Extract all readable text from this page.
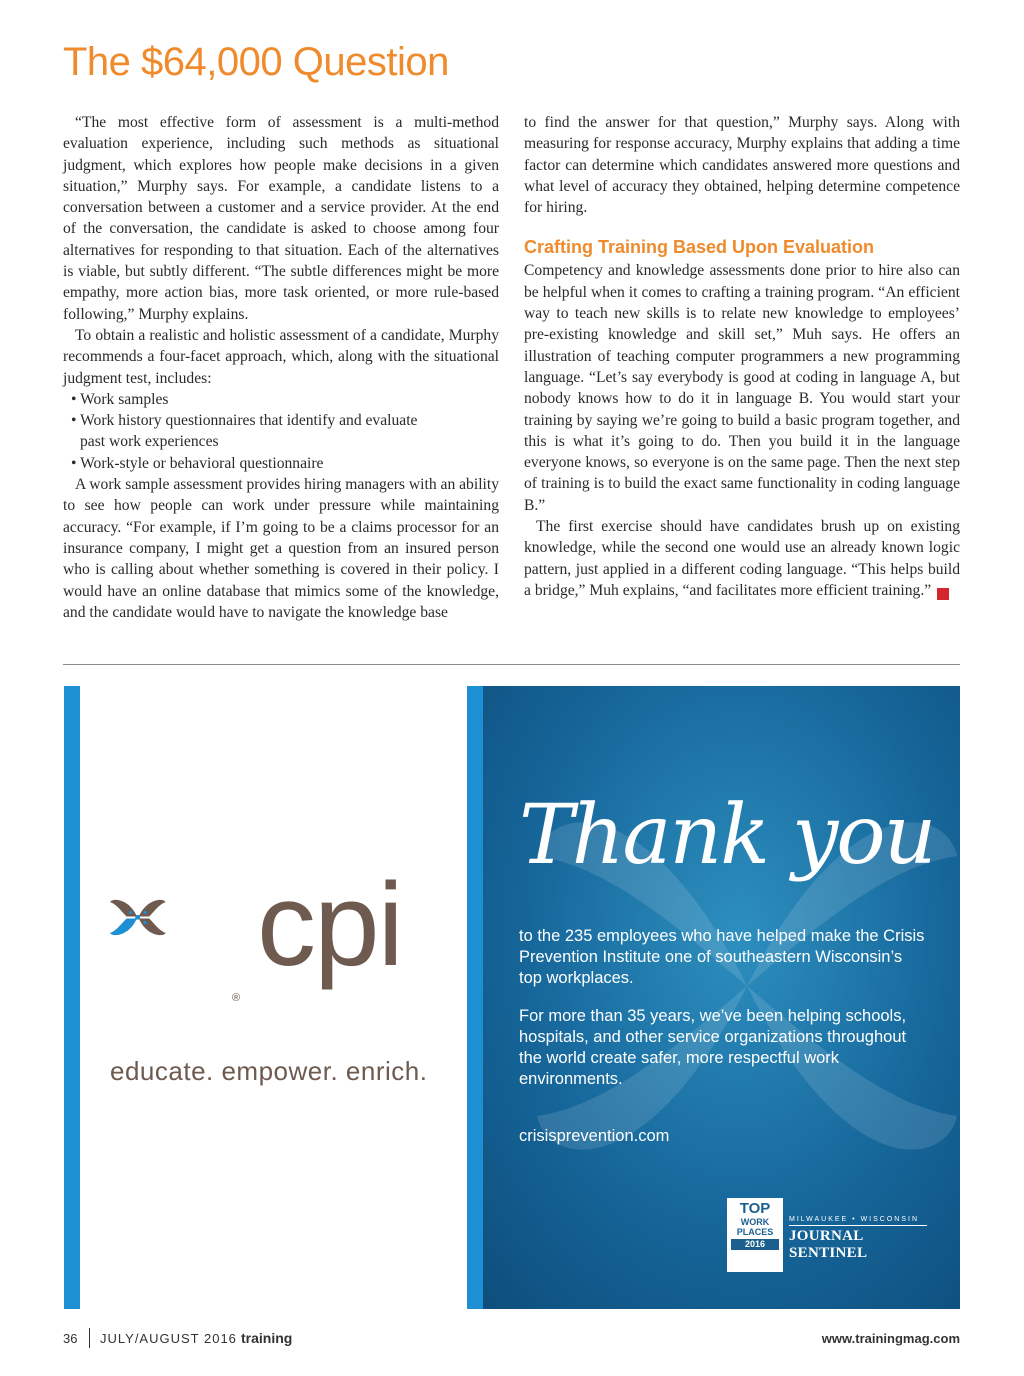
The $64,000 Question

“The most effective form of assessment is a multi-method evaluation experience, including such methods as situational judgment, which explores how people make decisions in a given situation,” Murphy says. For example, a candidate listens to a conversation between a customer and a service provider. At the end of the conversation, the candidate is asked to choose among four alternatives for responding to that situation. Each of the alternatives is viable, but subtly different. “The subtle differences might be more empathy, more action bias, more task oriented, or more rule-based following,” Murphy explains.

To obtain a realistic and holistic assessment of a candidate, Murphy recommends a four-facet approach, which, along with the situational judgment test, includes:

• Work samples

• Work history questionnaires that identify and evaluate

past work experiences

• Work-style or behavioral questionnaire

A work sample assessment provides hiring managers with an ability to see how people can work under pressure while maintaining accuracy. “For example, if I’m going to be a claims processor for an insurance company, I might get a question from an insured person who is calling about whether something is covered in their policy. I would have an online database that mimics some of the knowledge, and the candidate would have to navigate the knowledge base

to find the answer for that question,” Murphy says. Along with measuring for response accuracy, Murphy explains that adding a time factor can determine which candidates answered more questions and what level of accuracy they obtained, helping determine competence for hiring.

Crafting Training Based Upon Evaluation

Competency and knowledge assessments done prior to hire also can be helpful when it comes to crafting a training program. “An efficient way to teach new skills is to relate new knowledge to employees’ pre-existing knowledge and skill set,” Muh says. He offers an illustration of teaching computer programmers a new programming language. “Let’s say everybody is good at coding in language A, but nobody knows how to do it in language B. You would start your training by saying we’re going to build a basic program together, and this is what it’s going to do. Then you build it in the language everyone knows, so everyone is on the same page. Then the next step of training is to build the exact same functionality in coding language B.”

The first exercise should have candidates brush up on existing knowledge, while the second one would use an already known logic pattern, just applied in a different coding language. “This helps build a bridge,” Muh explains, “and facilitates more efficient training.” t

cpi
®
educate. empower. enrich.
Thank you

to the 235 employees who have helped make the Crisis Prevention Institute one of southeastern Wisconsin’s top workplaces.

For more than 35 years, we’ve been helping schools, hospitals, and other service organizations throughout the world create safer, more respectful work environments.

crisisprevention.com
TOP
WORK PLACES
2016
MILWAUKEE • WISCONSIN
JOURNAL SENTINEL
36 JULY/AUGUST 2016 training	www.trainingmag.com
